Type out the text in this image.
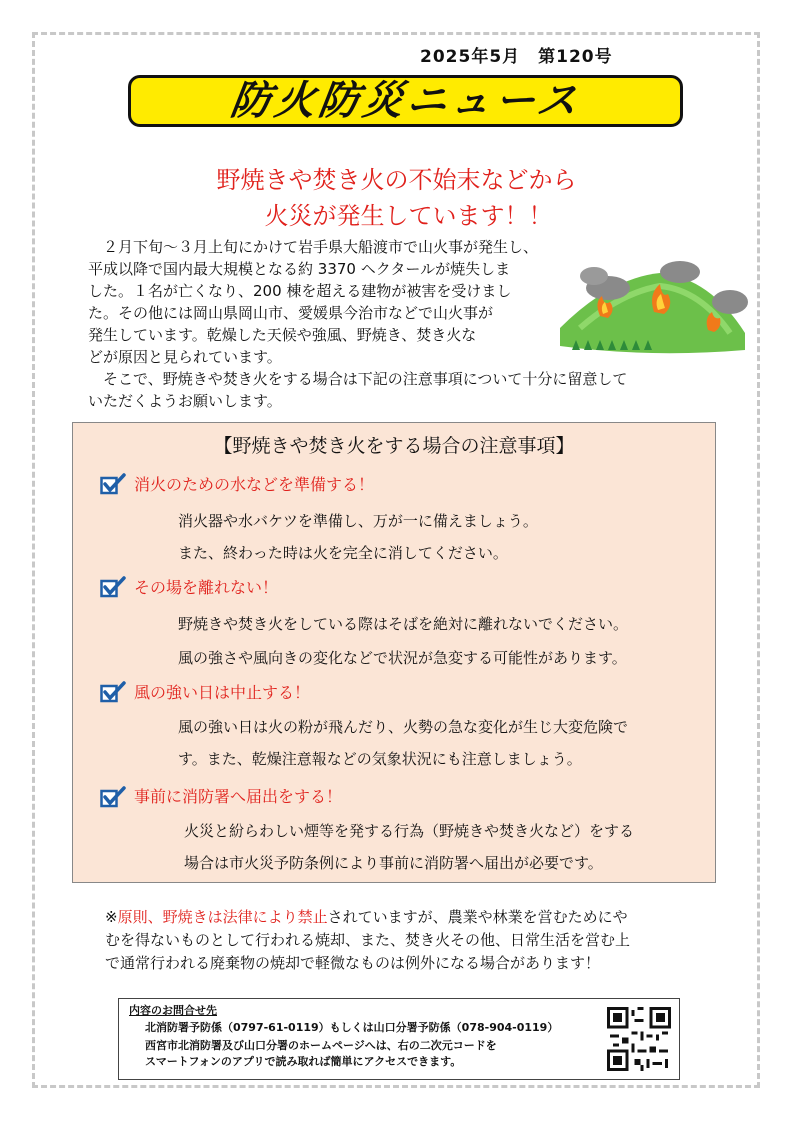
2025年5月　第120号
防火防災ニュース
野焼きや焚き火の不始末などから
火災が発生しています！！
　２月下旬～３月上旬にかけて岩手県大船渡市で山火事が発生し、
平成以降で国内最大規模となる約 3370 ヘクタールが焼失しま
した。１名が亡くなり、200 棟を超える建物が被害を受けまし
た。その他には岡山県岡山市、愛媛県今治市などで山火事が
発生しています。乾燥した天候や強風、野焼き、焚き火な
どが原因と見られています。
　そこで、野焼きや焚き火をする場合は下記の注意事項について十分に留意して
いただくようお願いします。
【野焼きや焚き火をする場合の注意事項】
消火のための水などを準備する！
消火器や水バケツを準備し、万が一に備えましょう。
また、終わった時は火を完全に消してください。
その場を離れない！
野焼きや焚き火をしている際はそばを絶対に離れないでください。
風の強さや風向きの変化などで状況が急変する可能性があります。
風の強い日は中止する！
風の強い日は火の粉が飛んだり、火勢の急な変化が生じ大変危険で
す。また、乾燥注意報などの気象状況にも注意しましょう。
事前に消防署へ届出をする！
火災と紛らわしい煙等を発する行為（野焼きや焚き火など）をする
場合は市火災予防条例により事前に消防署へ届出が必要です。
※原則、野焼きは法律により禁止されていますが、農業や林業を営むためにや
むを得ないものとして行われる焼却、また、焚き火その他、日常生活を営む上
で通常行われる廃棄物の焼却で軽微なものは例外になる場合があります！
内容のお問合せ先
北消防署予防係（0797-61-0119）もしくは山口分署予防係（078-904-0119）
西宮市北消防署及び山口分署のホームページへは、右の二次元コードを
スマートフォンのアプリで読み取れば簡単にアクセスできます。
